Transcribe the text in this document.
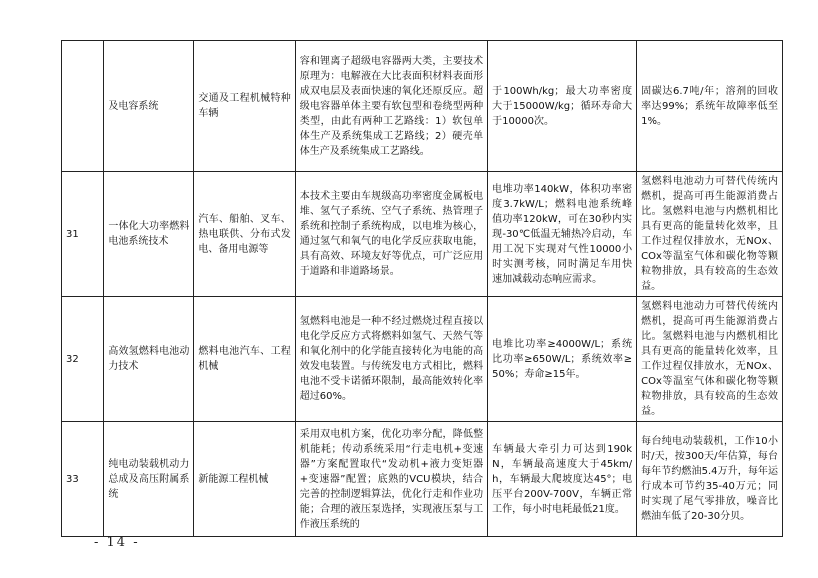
	及电容系统	交通及工程机械特种车辆	容和锂离子超级电容器两大类，主要技术原理为：电解液在大比表面积材料表面形成双电层及表面快速的氧化还原反应。超级电容器单体主要有软包型和卷绕型两种类型，由此有两种工艺路线：1）软包单体生产及系统集成工艺路线；2）硬壳单体生产及系统集成工艺路线。	于100Wh/kg；最大功率密度大于15000W/kg；循环寿命大于10000次。	固碳达6.7吨/年；溶剂的回收率达99%；系统年故障率低至1%。
31	一体化大功率燃料电池系统技术	汽车、船舶、叉车、热电联供、分布式发电、备用电源等	本技术主要由车规级高功率密度金属板电堆、氢气子系统、空气子系统、热管理子系统和控制子系统构成，以电堆为核心，通过氢气和氧气的电化学反应获取电能，具有高效、环境友好等优点，可广泛应用于道路和非道路场景。	电堆功率140kW，体积功率密度3.7kW/L；燃料电池系统峰值功率120kW，可在30秒内实现-30℃低温无辅热冷启动，车用工况下实现对气性10000小时实测考核，同时满足车用快速加减载动态响应需求。	氢燃料电池动力可替代传统内燃机，提高可再生能源消费占比。氢燃料电池与内燃机相比具有更高的能量转化效率，且工作过程仅排放水，无NOx、COx等温室气体和碳化物等颗粒物排放，具有较高的生态效益。
32	高效氢燃料电池动力技术	燃料电池汽车、工程机械	氢燃料电池是一种不经过燃烧过程直接以电化学反应方式将燃料如氢气、天然气等和氧化剂中的化学能直接转化为电能的高效发电装置。与传统发电方式相比，燃料电池不受卡诺循环限制，最高能效转化率超过60%。	电堆比功率≥4000W/L；系统比功率≥650W/L；系统效率≥50%；寿命≥15年。	氢燃料电池动力可替代传统内燃机，提高可再生能源消费占比。氢燃料电池与内燃机相比具有更高的能量转化效率，且工作过程仅排放水，无NOx、COx等温室气体和碳化物等颗粒物排放，具有较高的生态效益。
33	纯电动装载机动力总成及高压附属系统	新能源工程机械	采用双电机方案，优化功率分配，降低整机能耗；传动系统采用“行走电机+变速器”方案配置取代“发动机+液力变矩器+变速器”配置；底熟的VCU模块，结合完善的控制逻辑算法，优化行走和作业功能；合理的液压泵选择，实现液压泵与工作液压系统的	车辆最大牵引力可达到190kN，车辆最高速度大于45km/h，车辆最大爬坡度达45°；电压平台200V-700V，车辆正常工作，每小时电耗最低21度。	每台纯电动装载机，工作10小时/天，按300天/年估算，每台每年节约燃油5.4万升，每年运行成本可节约35-40万元；同时实现了尾气零排放，噪音比燃油车低了20-30分贝。
- 14 -
